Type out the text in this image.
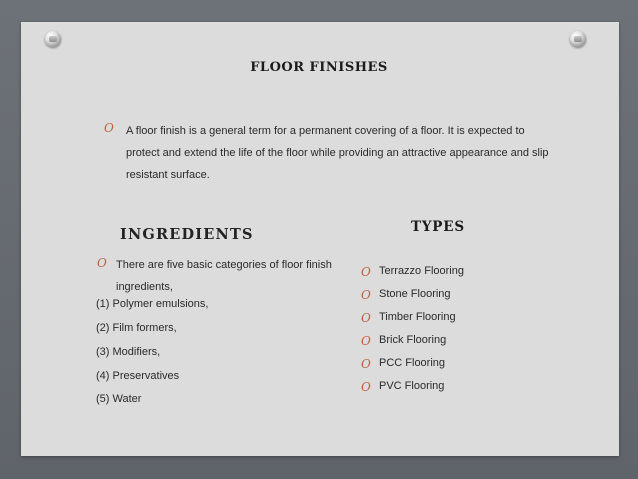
FLOOR FINISHES
O A floor finish is a general term for a permanent covering of a floor. It is expected to protect and extend the life of the floor while providing an attractive appearance and slip resistant surface.
INGREDIENTS
O There are five basic categories of floor finish ingredients,
(1) Polymer emulsions,
(2) Film formers,
(3) Modifiers,
(4) Preservatives
(5) Water
TYPES
O Terrazzo Flooring
O Stone Flooring
O Timber Flooring
O Brick Flooring
O PCC Flooring
O PVC Flooring
